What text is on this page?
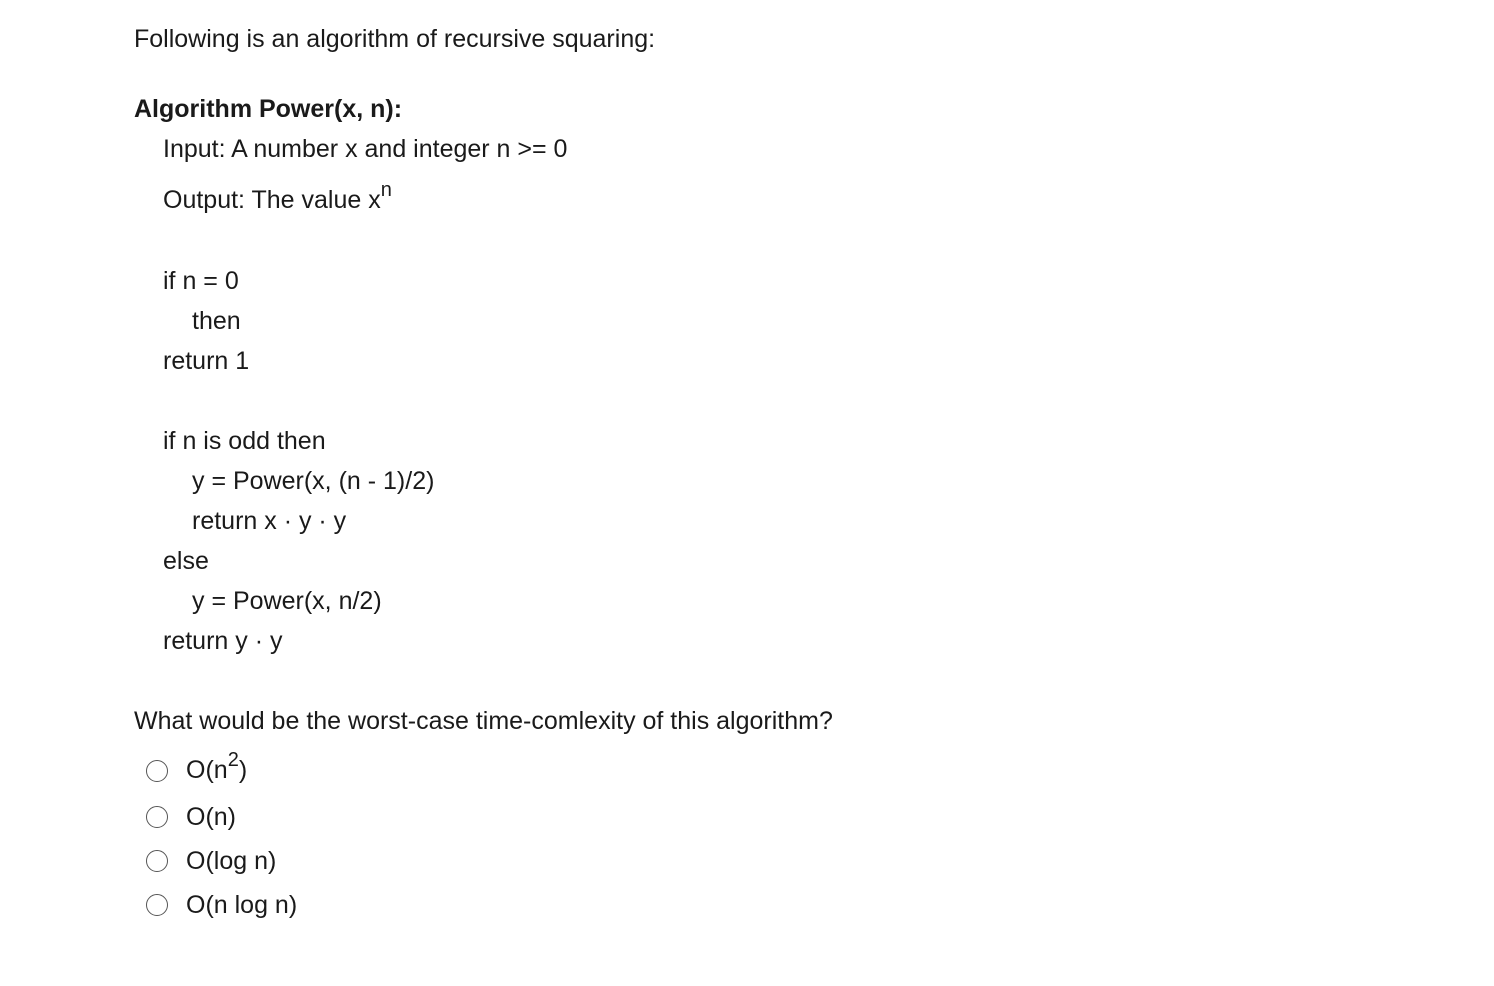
Following is an algorithm of recursive squaring:
Algorithm Power(x, n):
Input: A number x and integer n >= 0
Output: The value $x^n$
if n = 0
then
return 1
if n is odd then
y = Power(x, (n - 1)/2)
return x · y · y
else
y = Power(x, n/2)
return y · y
What would be the worst-case time-comlexity of this algorithm?
$O(n^2)$
O(n)
O(log n)
O(n log n)
